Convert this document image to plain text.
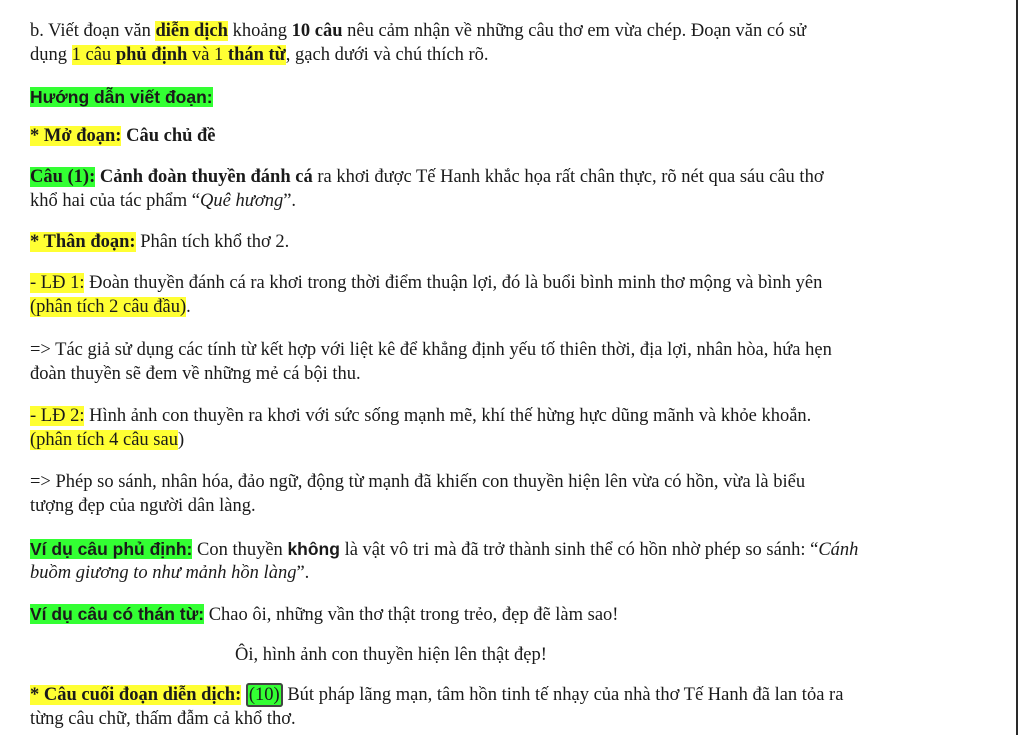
b. Viết đoạn văn diễn dịch khoảng 10 câu nêu cảm nhận về những câu thơ em vừa chép. Đoạn văn có sử
dụng 1 câu phủ định và 1 thán từ, gạch dưới và chú thích rõ.
Hướng dẫn viết đoạn:
* Mở đoạn: Câu chủ đề
Câu (1): Cảnh đoàn thuyền đánh cá ra khơi được Tế Hanh khắc họa rất chân thực, rõ nét qua sáu câu thơ
khổ hai của tác phẩm “Quê hương”.
* Thân đoạn: Phân tích khổ thơ 2.
- LĐ 1: Đoàn thuyền đánh cá ra khơi trong thời điểm thuận lợi, đó là buổi bình minh thơ mộng và bình yên
(phân tích 2 câu đầu).
=> Tác giả sử dụng các tính từ kết hợp với liệt kê để khẳng định yếu tố thiên thời, địa lợi, nhân hòa, hứa hẹn
đoàn thuyền sẽ đem về những mẻ cá bội thu.
- LĐ 2: Hình ảnh con thuyền ra khơi với sức sống mạnh mẽ, khí thế hừng hực dũng mãnh và khỏe khoắn.
(phân tích 4 câu sau)
=> Phép so sánh, nhân hóa, đảo ngữ, động từ mạnh đã khiến con thuyền hiện lên vừa có hồn, vừa là biểu
tượng đẹp của người dân làng.
Ví dụ câu phủ định: Con thuyền không là vật vô tri mà đã trở thành sinh thể có hồn nhờ phép so sánh: “Cánh
buồm giương to như mảnh hồn làng”.
Ví dụ câu có thán từ: Chao ôi, những vần thơ thật trong trẻo, đẹp đẽ làm sao!
Ôi, hình ảnh con thuyền hiện lên thật đẹp!
* Câu cuối đoạn diễn dịch: (10) Bút pháp lãng mạn, tâm hồn tinh tế nhạy của nhà thơ Tế Hanh đã lan tỏa ra
từng câu chữ, thấm đẫm cả khổ thơ.
